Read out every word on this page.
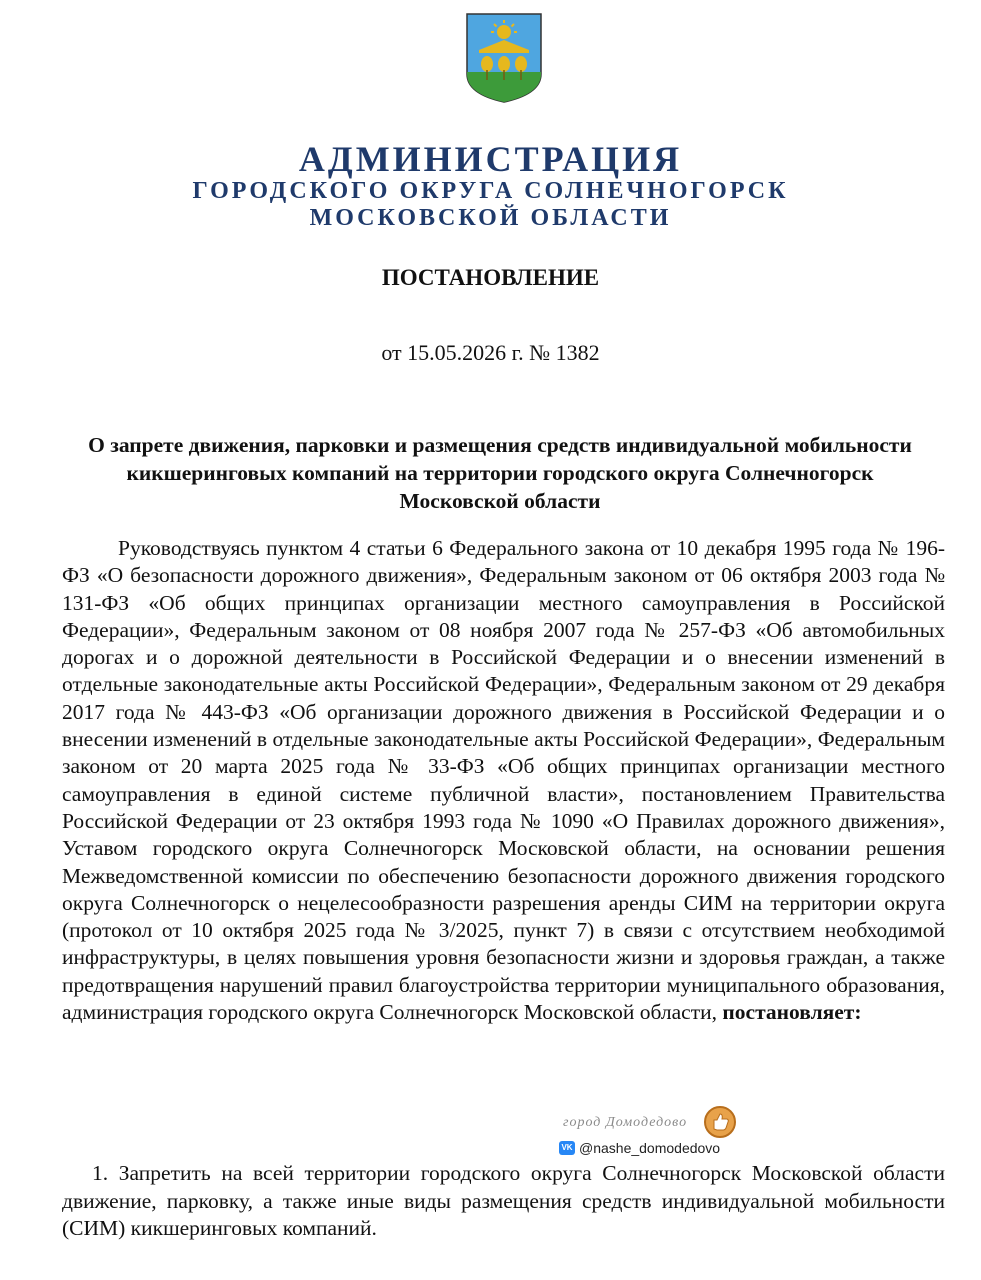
АДМИНИСТРАЦИЯ
ГОРОДСКОГО ОКРУГА СОЛНЕЧНОГОРСК
МОСКОВСКОЙ ОБЛАСТИ
ПОСТАНОВЛЕНИЕ
от 15.05.2026 г. № 1382
О запрете движения, парковки и размещения средств индивидуальной мобильности кикшеринговых компаний на территории городского округа Солнечногорск Московской области

Руководствуясь пунктом 4 статьи 6 Федерального закона от 10 декабря 1995 года № 196-ФЗ «О безопасности дорожного движения», Федеральным законом от 06 октября 2003 года № 131-ФЗ «Об общих принципах организации местного самоуправления в Российской Федерации», Федеральным законом от 08 ноября 2007 года № 257-ФЗ «Об автомобильных дорогах и о дорожной деятельности в Российской Федерации и о внесении изменений в отдельные законодательные акты Российской Федерации», Федеральным законом от 29 декабря 2017 года № 443-ФЗ «Об организации дорожного движения в Российской Федерации и о внесении изменений в отдельные законодательные акты Российской Федерации», Федеральным законом от 20 марта 2025 года № 33-ФЗ «Об общих принципах организации местного самоуправления в единой системе публичной власти», постановлением Правительства Российской Федерации от 23 октября 1993 года № 1090 «О Правилах дорожного движения», Уставом городского округа Солнечногорск Московской области, на основании решения Межведомственной комиссии по обеспечению безопасности дорожного движения городского округа Солнечногорск о нецелесообразности разрешения аренды СИМ на территории округа (протокол от 10 октября 2025 года № 3/2025, пункт 7) в связи с отсутствием необходимой инфраструктуры, в целях повышения уровня безопасности жизни и здоровья граждан, а также предотвращения нарушений правил благоустройства территории муниципального образования, администрация городского округа Солнечногорск Московской области, постановляет:

1. Запретить на всей территории городского округа Солнечногорск Московской области движение, парковку, а также иные виды размещения средств индивидуальной мобильности (СИМ) кикшеринговых компаний.

город Домодедово
VK @nashe_domodedovo
